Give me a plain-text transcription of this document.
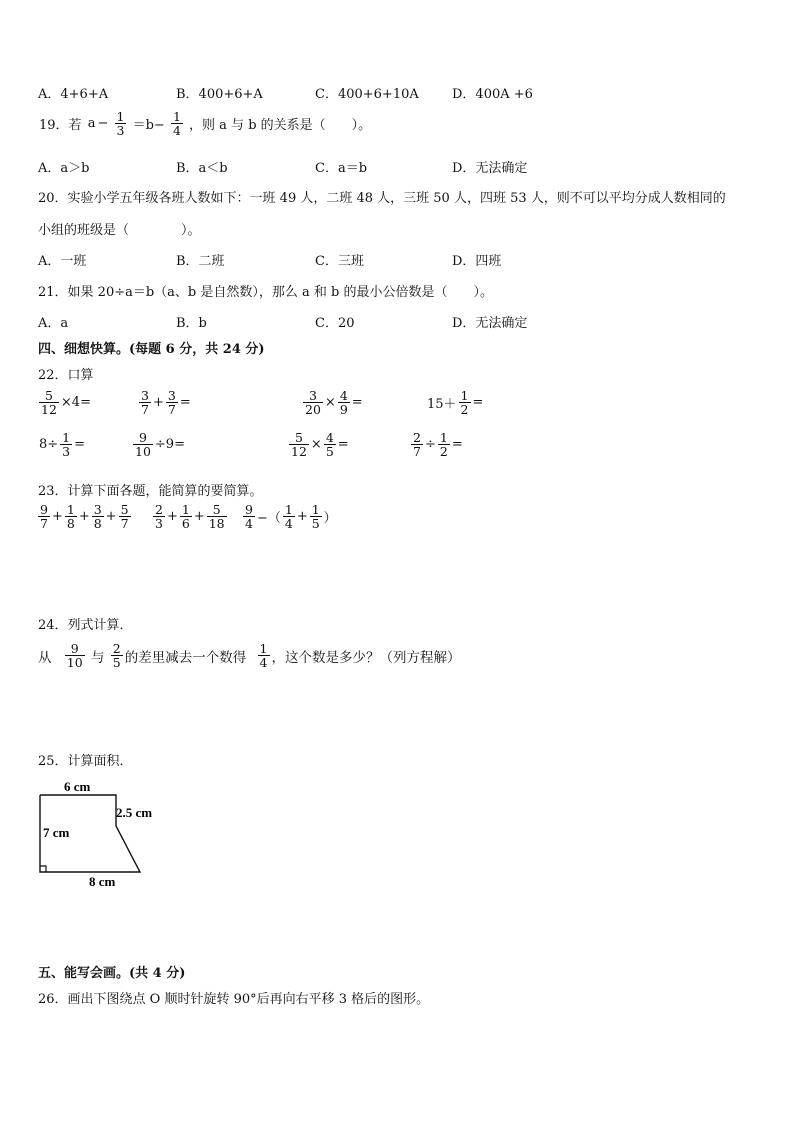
A．4+6+A	B．400+6+A	C．400+6+10A	D．400A +6
19．若 $a - \frac{1}{3} =b- \frac{1}{4}$ ，则 a 与 b 的关系是（　　）。
A．a＞b	B．a＜b	C．a＝b	D．无法确定
20．实验小学五年级各班人数如下：一班 49 人，二班 48 人，三班 50 人，四班 53 人，则不可以平均分成人数相同的
小组的班级是（　　　　）。
A．一班	B．二班	C．三班	D．四班
21．如果 20÷a＝b（a、b 是自然数），那么 a 和 b 的最小公倍数是（　　）。
A．a	B．b	C．20	D．无法确定
四、细想快算。(每题 6 分，共 24 分)
22．口算
$\frac{5}{12} \times 4=$	$\frac{3}{7} + \frac{3}{7}$ =	$\frac{3}{20} \times \frac{4}{9}$ =	$15+ \frac{1}{2}$ =
$8\div \frac{1}{3}$ =	$\frac{9}{10} \div 9=$	$\frac{5}{12} \times \frac{4}{5}$ =	$\frac{2}{7} \div \frac{1}{2}$ =
23．计算下面各题，能简算的要简算。
$\frac{9}{7} + \frac{1}{8} + \frac{3}{8} + \frac{5}{7} \frac{2}{3} + \frac{1}{6} + \frac{5}{18} \frac{9}{4}$ −（ $\frac{1}{4} + \frac{1}{5}$ ）
24．列式计算．
从 $\frac{9}{10}$ 与 $\frac{2}{5}$ 的差里减去一个数得 $\frac{1}{4}$ ，这个数是多少？（列方程解）
25．计算面积．
6 cm
2.5 cm
7 cm
8 cm
五、能写会画。(共 4 分)
26．画出下图绕点 O 顺时针旋转 90°后再向右平移 3 格后的图形。
